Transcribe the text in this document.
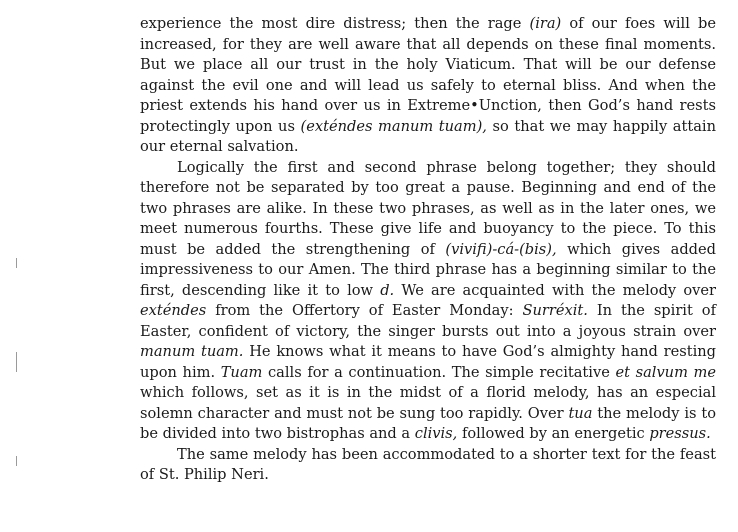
experience the most dire distress; then the rage (ira) of our foes will be increased, for they are well aware that all depends on these final moments. But we place all our trust in the holy Viaticum. That will be our defense against the evil one and will lead us safely to eternal bliss. And when the priest extends his hand over us in Extreme•Unction, then God’s hand rests protectingly upon us (exténdes manum tuam), so that we may happily attain our eternal salvation.

Logically the first and second phrase belong together; they should therefore not be separated by too great a pause. Beginning and end of the two phrases are alike. In these two phrases, as well as in the later ones, we meet numerous fourths. These give life and buoyancy to the piece. To this must be added the strengthening of (vivifi)-cá-(bis), which gives added impressiveness to our Amen. The third phrase has a beginning similar to the first, descending like it to low d. We are acquainted with the melody over exténdes from the Offertory of Easter Monday: Surréxit. In the spirit of Easter, confident of victory, the singer bursts out into a joyous strain over manum tuam. He knows what it means to have God’s almighty hand resting upon him. Tuam calls for a continuation. The simple recitative et salvum me which follows, set as it is in the midst of a florid melody, has an especial solemn character and must not be sung too rapidly. Over tua the melody is to be divided into two bistrophas and a clivis, followed by an energetic pressus.

The same melody has been accommodated to a shorter text for the feast of St. Philip Neri.
